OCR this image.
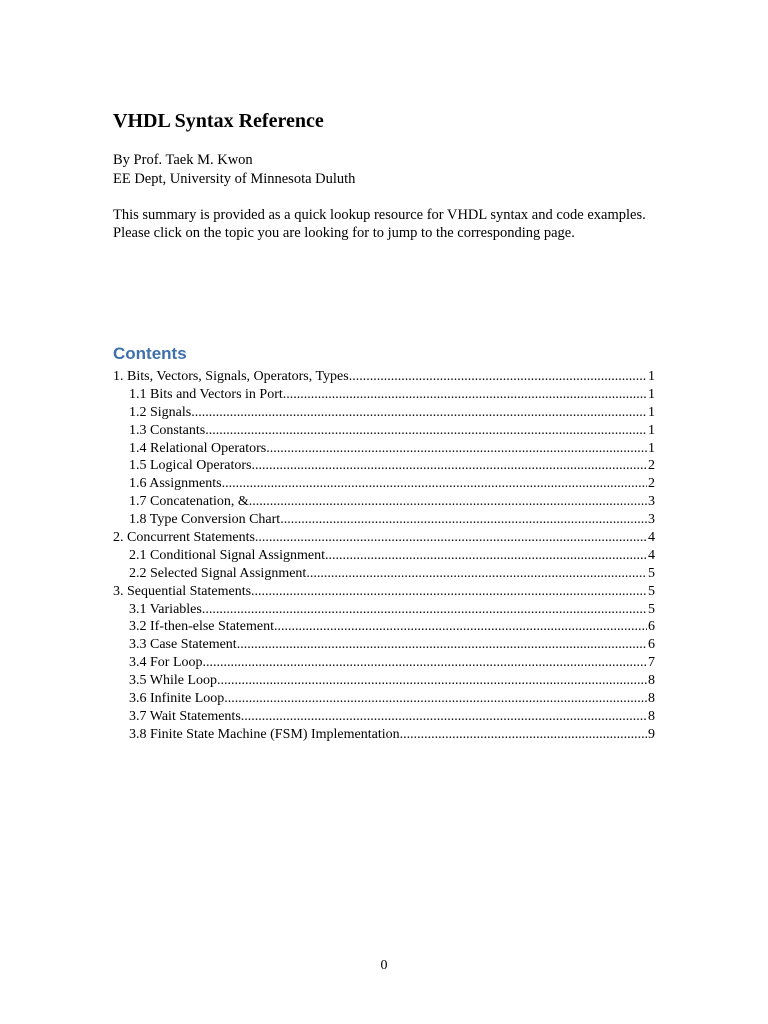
VHDL Syntax Reference
By Prof. Taek M. Kwon
EE Dept, University of Minnesota Duluth

This summary is provided as a quick lookup resource for VHDL syntax and code examples. Please click on the topic you are looking for to jump to the corresponding page.

Contents
1. Bits, Vectors, Signals, Operators, Types .....	1
1.1 Bits and Vectors in Port .....	1
1.2 Signals .....	1
1.3 Constants .....	1
1.4 Relational Operators .....	1
1.5 Logical Operators .....	2
1.6 Assignments .....	2
1.7 Concatenation, & .....	3
1.8 Type Conversion Chart .....	3
2. Concurrent Statements .....	4
2.1 Conditional Signal Assignment .....	4
2.2 Selected Signal Assignment .....	5
3. Sequential Statements .....	5
3.1 Variables .....	5
3.2 If-then-else Statement .....	6
3.3 Case Statement .....	6
3.4 For Loop .....	7
3.5 While Loop .....	8
3.6 Infinite Loop .....	8
3.7 Wait Statements .....	8
3.8 Finite State Machine (FSM) Implementation .....	9
0
